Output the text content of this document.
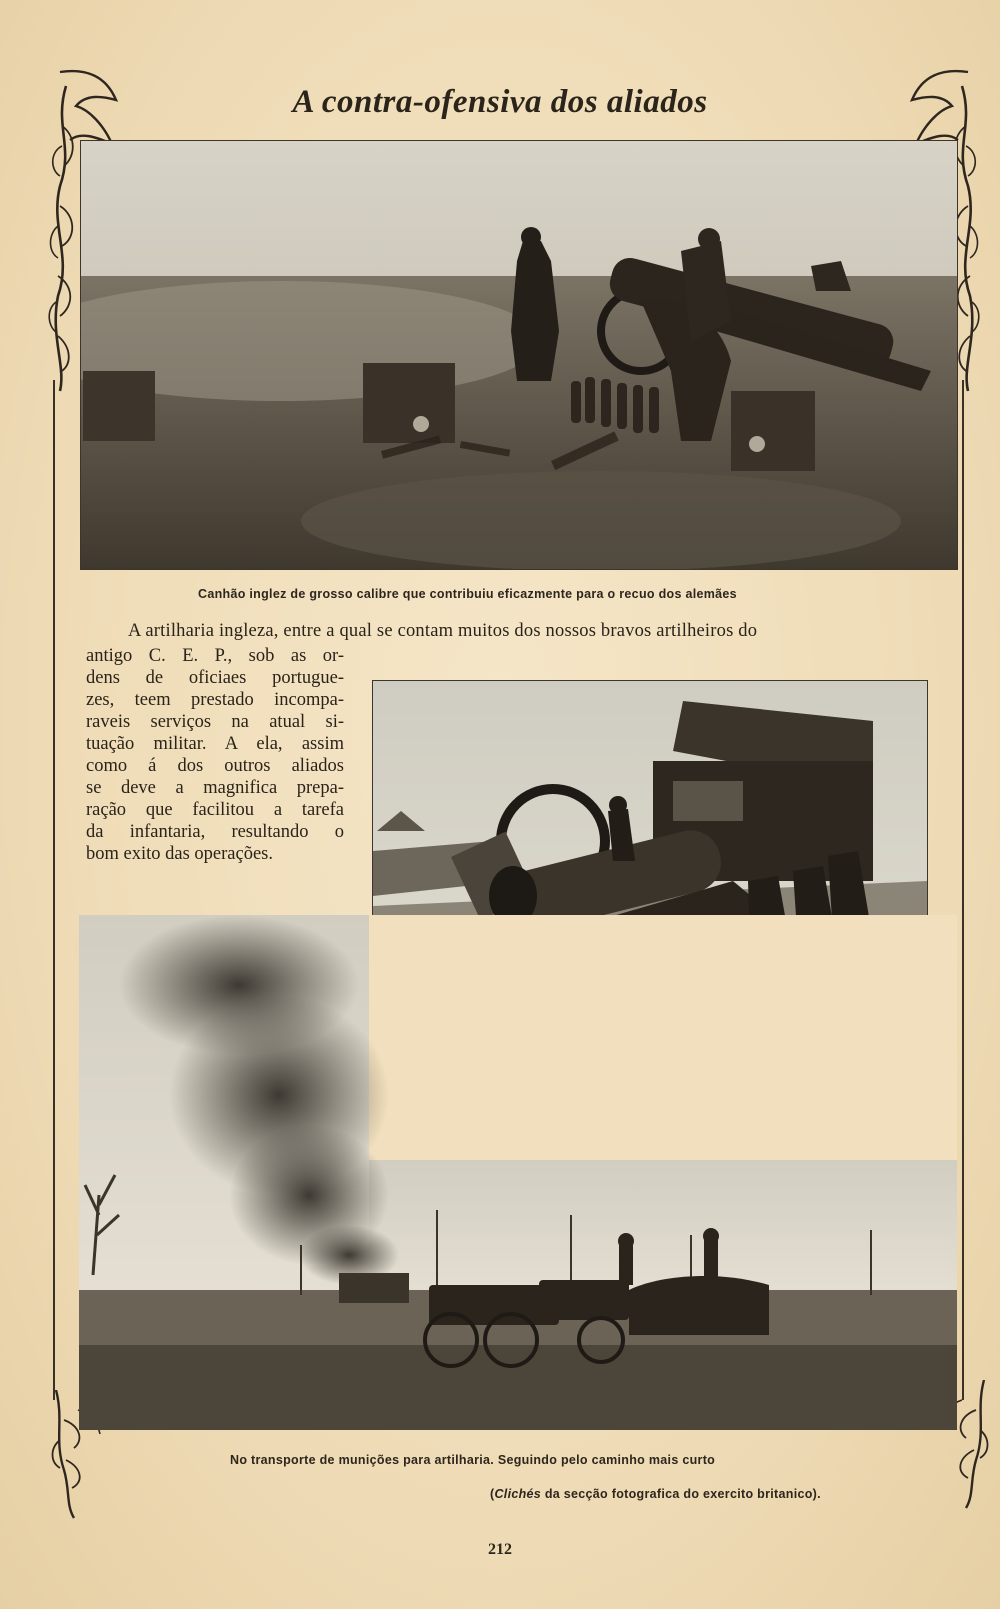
A contra-ofensiva dos aliados
Canhão inglez de grosso calibre que contribuiu eficazmente para o recuo dos alemães
A artilharia ingleza, entre a qual se contam muitos dos nossos bravos artilheiros do
antigo C. E. P., sob as or-
dens de oficiaes portugue-
zes, teem prestado incompa-
raveis serviços na atual si-
tuação militar. A ela, assim
como á dos outros aliados
se deve a magnifica prepa-
ração que facilitou a tarefa
da infantaria, resultando o
bom exito das operações.
No transporte de munições para artilharia. Seguindo pelo caminho mais curto
(Clichés da secção fotografica do exercito britanico).
212
